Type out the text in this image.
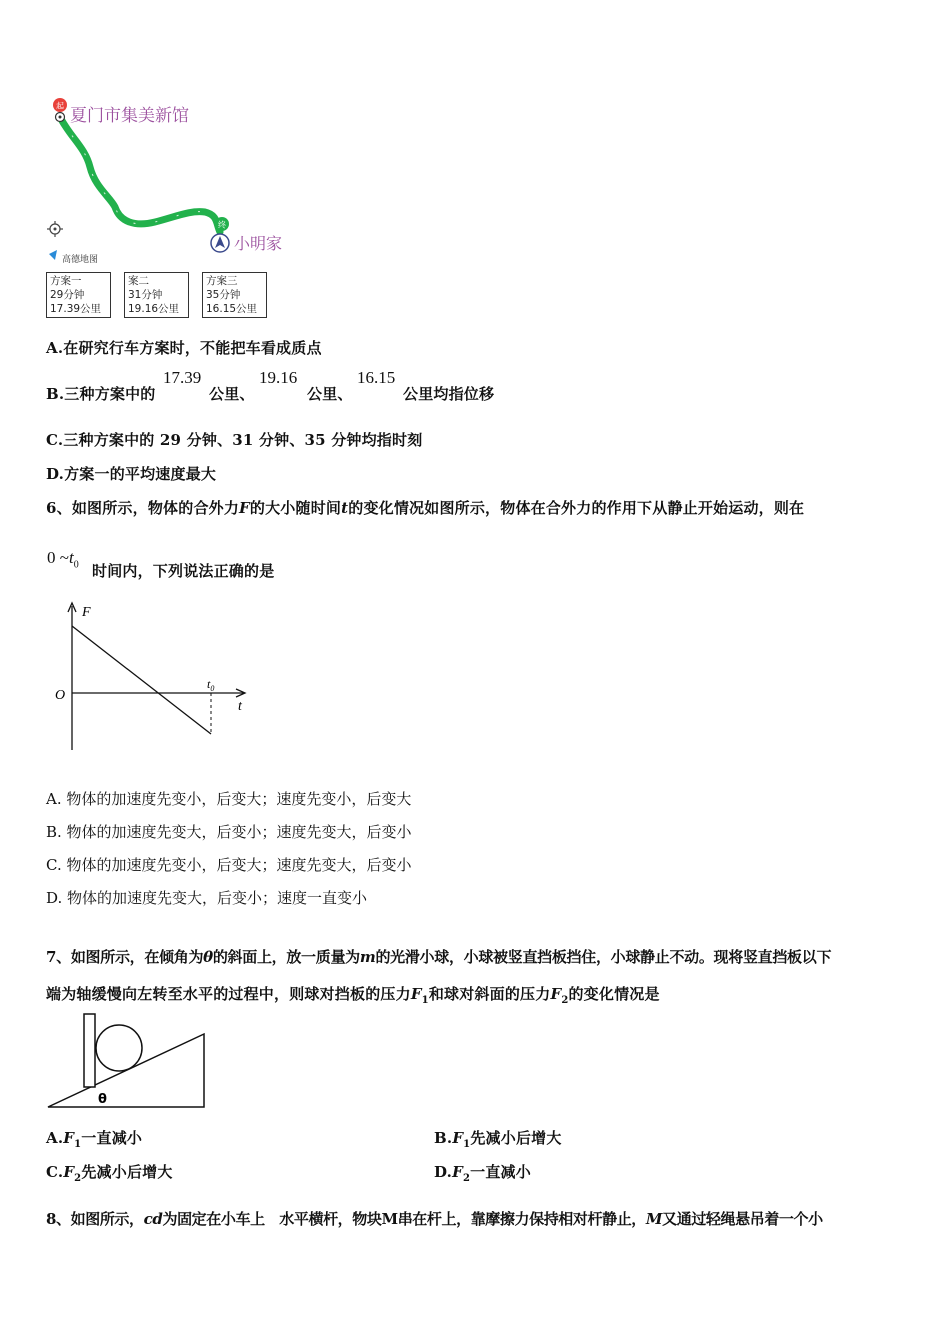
起
终
夏门市集美新馆
小明家
高德地图
方案一
29分钟
17.39公里
案二
31分钟
19.16公里
方案三
35分钟
16.15公里
A.在研究行车方案时，不能把车看成质点
B.三种方案中的
17.39
公里、
19.16
公里、
16.15
公里均指位移
C.三种方案中的 29 分钟、31 分钟、35 分钟均指时刻
D.方案一的平均速度最大
6、如图所示，物体的合外力F的大小随时间t的变化情况如图所示，物体在合外力的作用下从静止开始运动，则在
0 $\sim t_0$ 时间内，下列说法正确的是
F
O
t
$t_0$
A. 物体的加速度先变小，后变大；速度先变小，后变大
B. 物体的加速度先变大，后变小；速度先变大，后变小
C. 物体的加速度先变小，后变大；速度先变大，后变小
D. 物体的加速度先变大，后变小；速度一直变小
7、如图所示，在倾角为θ的斜面上，放一质量为m的光滑小球，小球被竖直挡板挡住，小球静止不动。现将竖直挡板以下
端为轴缓慢向左转至水平的过程中，则球对挡板的压力$F_1$和球对斜面的压力$F_2$的变化情况是
θ
$A.F_1$一直减小	$B.F_1$先减小后增大
$C.F_2$先减小后增大	$D.F_2$一直减小
8、如图所示，cd为固定在小车上　水平横杆，物块M串在杆上，靠摩擦力保持相对杆静止，M又通过轻绳悬吊着一个小
